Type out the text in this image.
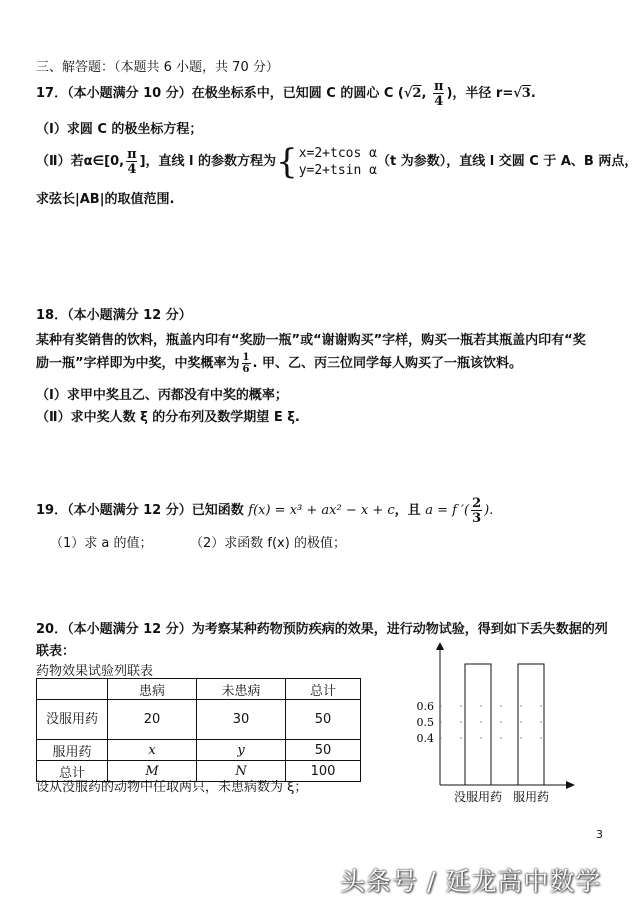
三、解答题：（本题共 6 小题，共 70 分）
17．（本小题满分 10 分）在极坐标系中，已知圆 C 的圆心 C (√2, $\frac{\pi}{4}$ )，半径 r=√3.
（Ⅰ）求圆 C 的极坐标方程；
（Ⅱ）若α∈[0, $\frac{\pi}{4}$ ]，直线 l 的参数方程为{ x=2+tcos α
y=2+tsin α
（t 为参数），直线 l 交圆 C 于 A、B 两点，
求弦长|AB|的取值范围.
18．（本小题满分 12 分）
某种有奖销售的饮料，瓶盖内印有“奖励一瓶”或“谢谢购买”字样，购买一瓶若其瓶盖内印有“奖
励一瓶”字样即为中奖，中奖概率为 $\frac{1}{6}$ . 甲、乙、丙三位同学每人购买了一瓶该饮料。
（Ⅰ）求甲中奖且乙、丙都没有中奖的概率；
（Ⅱ）求中奖人数 ξ 的分布列及数学期望 E ξ.
19．（本小题满分 12 分）已知函数 f(x) = x³ + ax² − x + c，且 a = f ′( $\frac{2}{3}$ ).
（1）求 a 的值；	（2）求函数 f(x) 的极值；
20．（本小题满分 12 分）为考察某种药物预防疾病的效果，进行动物试验，得到如下丢失数据的列
联表：
药物效果试验列联表
	患病	未患病	总计
没服用药	20	30	50
服用药	x	y	50
总计	M	N	100
设从没服药的动物中任取两只，未患病数为 ξ；
没服用药 服用药
0.6
0.5
0.4
3
头条号 / 延龙高中数学
